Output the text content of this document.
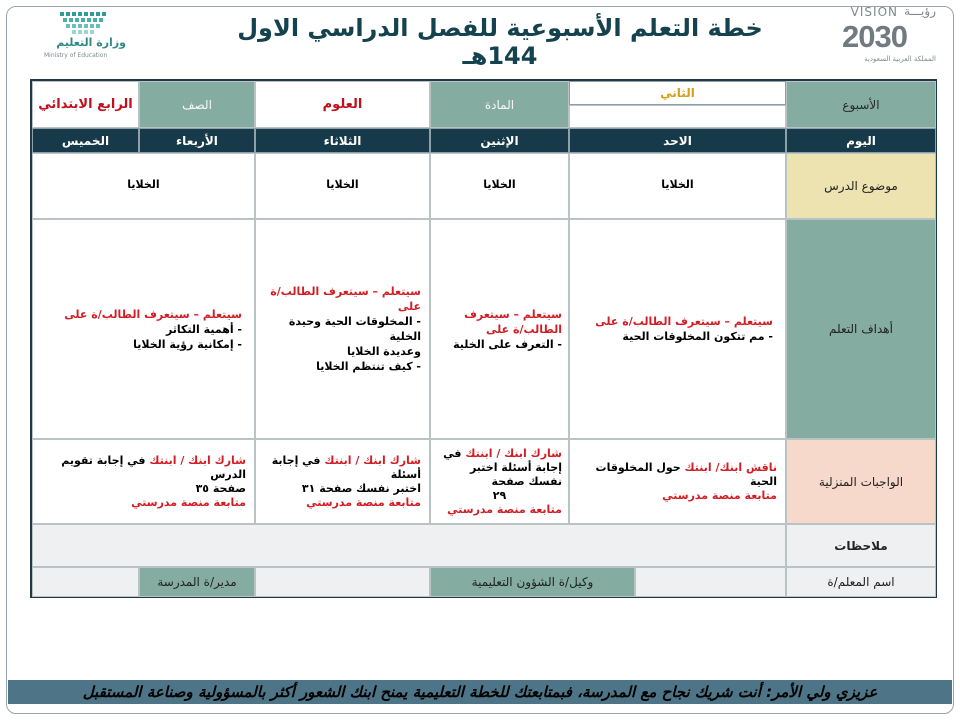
وزارة التعليم
Ministry of Education
VISION رؤيـــة
2030
المملكة العربية السعودية
خطة التعلم الأسبوعية للفصل الدراسي الاول 144هـ
الأسبوع
الثاني
المادة
العلوم
الصف
الرابع الابتدائي
اليوم
الاحد
الإثنين
الثلاثاء
الأربعاء
الخميس
موضوع الدرس
الخلايا
الخلايا
الخلايا
الخلايا
أهداف التعلم
سيتعلم – سيتعرف الطالب/ة على
- مم تتكون المخلوقات الحية
سيتعلم – سيتعرف الطالب/ة على
- التعرف على الخلية
سيتعلم – سيتعرف الطالب/ة على
- المخلوقات الحية وحيدة الخلية
وعديدة الخلايا
- كيف تنتظم الخلايا
سيتعلم – سيتعرف الطالب/ة على
- أهمية التكاثر
- إمكانية رؤية الخلايا
الواجبات المنزلية
ناقش ابنك/ ابنتك حول المخلوقات الحية
متابعة منصة مدرستي
شارك ابنك / ابنتك في إجابة أسئلة اختبر نفسك صفحة
٢٩
متابعة منصة مدرستي
شارك ابنك / ابنتك في إجابة أسئلة
اختبر نفسك صفحة ٣١
متابعة منصة مدرستي
شارك ابنك / ابنتك في إجابة تقويم الدرس
صفحة ٣٥
متابعة منصة مدرستي
ملاحظات
اسم المعلم/ة
وكيل/ة الشؤون التعليمية
مدير/ة المدرسة
عزيزي ولي الأمر: أنت شريك نجاح مع المدرسة، فبمتابعتك للخطة التعليمية يمنح ابنك الشعور أكثر بالمسؤولية وصناعة المستقبل
